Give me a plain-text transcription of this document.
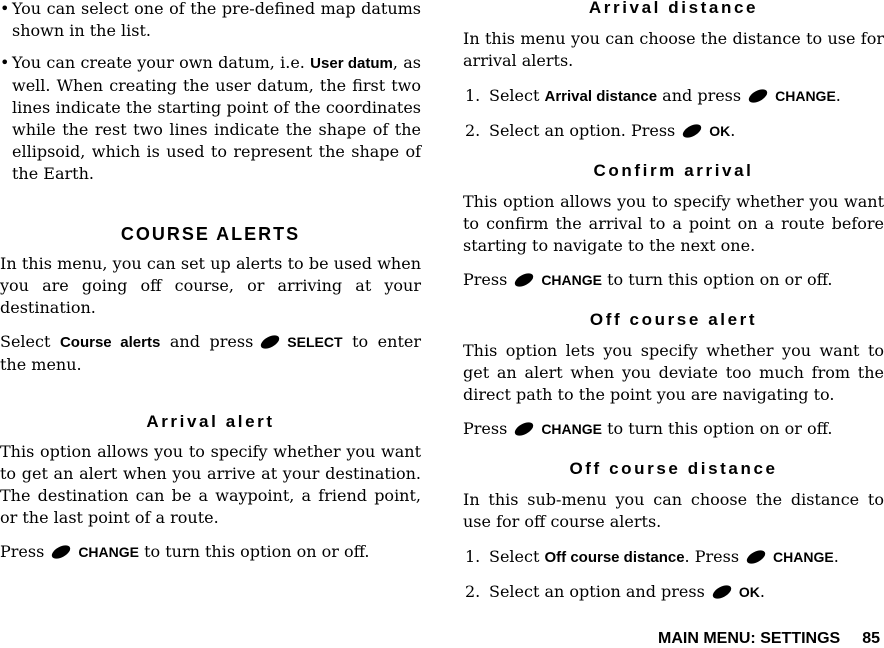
• You can select one of the pre-defined map datums shown in the list.

• You can create your own datum, i.e. User datum, as well. When creating the user datum, the first two lines indicate the starting point of the coordinates while the rest two lines indicate the shape of the ellipsoid, which is used to represent the shape of the Earth.

COURSE ALERTS

In this menu, you can set up alerts to be used when you are going off course, or arriving at your destination.

Select Course alerts and press SELECT to enter the menu.

Arrival alert

This option allows you to specify whether you want to get an alert when you arrive at your destination. The destination can be a waypoint, a friend point, or the last point of a route.

Press CHANGE to turn this option on or off.

Arrival distance

In this menu you can choose the distance to use for arrival alerts.

1. Select Arrival distance and press CHANGE.

2. Select an option. Press OK.

Confirm arrival

This option allows you to specify whether you want to confirm the arrival to a point on a route before starting to navigate to the next one.

Press CHANGE to turn this option on or off.

Off course alert

This option lets you specify whether you want to get an alert when you deviate too much from the direct path to the point you are navigating to.

Press CHANGE to turn this option on or off.

Off course distance

In this sub-menu you can choose the distance to use for off course alerts.

1. Select Off course distance. Press CHANGE.

2. Select an option and press OK.

MAIN MENU: SETTINGS 85
